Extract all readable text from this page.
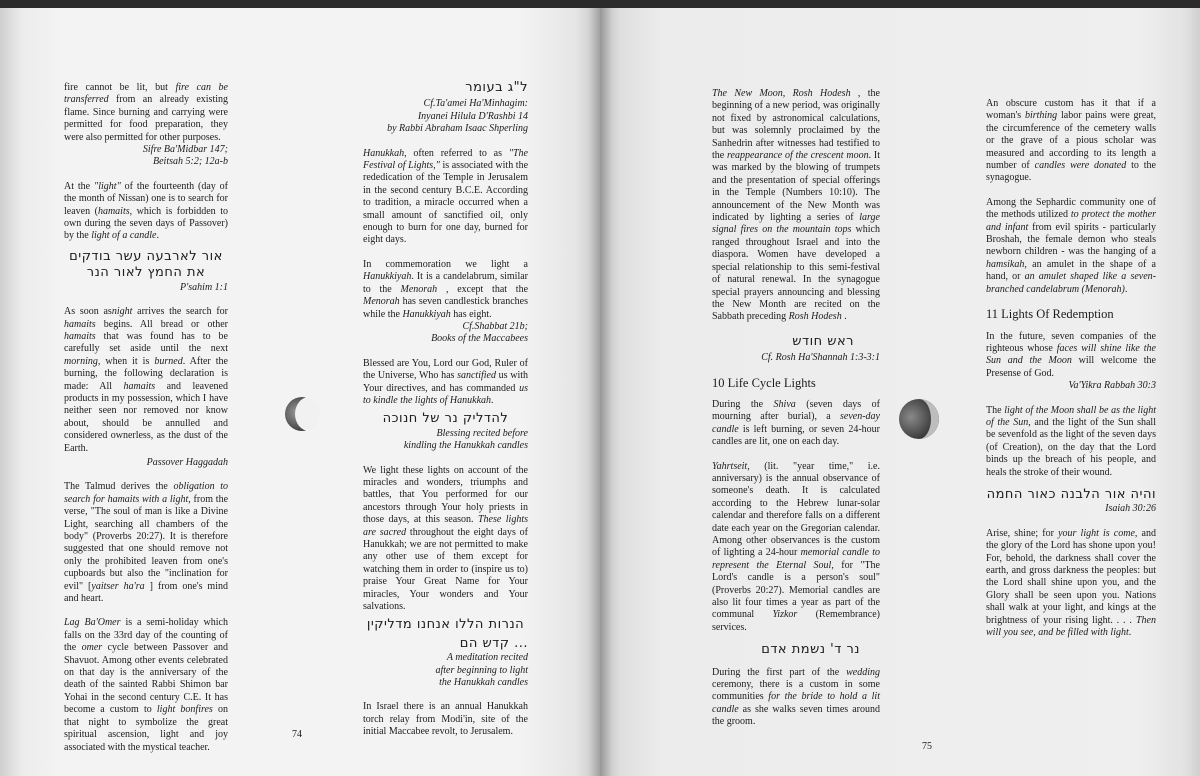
fire cannot be lit, but fire can be transferred from an already existing flame. Since burning and carrying were permitted for food preparation, they were also permitted for other purposes.

Sifre Ba'Midbar 147;
Beitsah 5:2; 12a-b

At the "light" of the fourteenth (day of the month of Nissan) one is to search for leaven (hamaits, which is forbidden to own during the seven days of Passover) by the light of a candle.

אור לארבעה עשר בודקים
את החמץ לאור הנר
P'sahim 1:1

As soon asnight arrives the search for hamaits begins. All bread or other hamaits that was found has to be carefully set aside until the next morning, when it is burned. After the burning, the following declaration is made: All hamaits and leavened products in my possession, which I have neither seen nor removed nor know about, should be annulled and considered ownerless, as the dust of the Earth.

Passover Haggadah

The Talmud derives the obligation to search for hamaits with a light, from the verse, "The soul of man is like a Divine Light, searching all chambers of the body" (Proverbs 20:27). It is therefore suggested that one should remove not only the prohibited leaven from one's cupboards but also the "inclination for evil" [yaitser ha'ra ] from one's mind and heart.

Lag Ba'Omer is a semi-holiday which falls on the 33rd day of the counting of the omer cycle between Passover and Shavuot. Among other events celebrated on that day is the anniversary of the death of the sainted Rabbi Shimon bar Yohai in the second century C.E. It has become a custom to light bonfires on that night to symbolize the great spiritual ascension, light and joy associated with the mystical teacher.

ל"ג בעומר
Cf.Ta'amei Ha'Minhagim:
Inyanei Hilula D'Rashbi 14
by Rabbi Abraham Isaac Shperling

Hanukkah, often referred to as "The Festival of Lights," is associated with the rededication of the Temple in Jerusalem in the second century B.C.E. According to tradition, a miracle occurred when a small amount of sanctified oil, only enough to burn for one day, burned for eight days.

In commemoration we light a Hanukkiyah. It is a candelabrum, similar to the Menorah , except that the Menorah has seven candlestick branches while the Hanukkiyah has eight.

Cf.Shabbat 21b;
Books of the Maccabees

Blessed are You, Lord our God, Ruler of the Universe, Who has sanctified us with Your directives, and has commanded us to kindle the lights of Hanukkah.

להדליק נר של חנוכה
Blessing recited before
kindling the Hanukkah candles

We light these lights on account of the miracles and wonders, triumphs and battles, that You performed for our ancestors through Your holy priests in those days, at this season. These lights are sacred throughout the eight days of Hanukkah; we are not permitted to make any other use of them except for watching them in order to (inspire us to) praise Your Great Name for Your miracles, Your wonders and Your salvations.

הנרות הללו אנחנו מדליקין
... קדש הם
A meditation recited
after beginning to light
the Hanukkah candles

In Israel there is an annual Hanukkah torch relay from Modi'in, site of the initial Maccabee revolt, to Jerusalem.

74

The New Moon, Rosh Hodesh , the beginning of a new period, was originally not fixed by astronomical calculations, but was solemnly proclaimed by the Sanhedrin after witnesses had testified to the reappearance of the crescent moon. It was marked by the blowing of trumpets and the presentation of special offerings in the Temple (Numbers 10:10). The announcement of the New Month was indicated by lighting a series of large signal fires on the mountain tops which ranged throughout Israel and into the diaspora. Women have developed a special relationship to this semi-festival of natural renewal. In the synagogue special prayers announcing and blessing the New Month are recited on the Sabbath preceding Rosh Hodesh .

ראש חודש
Cf. Rosh Ha'Shannah 1:3-3:1
10 Life Cycle Lights

During the Shiva (seven days of mourning after burial), a seven-day candle is left burning, or seven 24-hour candles are lit, one on each day.

Yahrtseit, (lit. "year time," i.e. anniversary) is the annual observance of someone's death. It is calculated according to the Hebrew lunar-solar calendar and therefore falls on a different date each year on the Gregorian calendar. Among other observances is the custom of lighting a 24-hour memorial candle to represent the Eternal Soul, for "The Lord's candle is a person's soul" (Proverbs 20:27). Memorial candles are also lit four times a year as part of the communal Yizkor (Remembrance) services.

נר ד' נשמת אדם

During the first part of the wedding ceremony, there is a custom in some communities for the bride to hold a lit candle as she walks seven times around the groom.

An obscure custom has it that if a woman's birthing labor pains were great, the circumference of the cemetery walls or the grave of a pious scholar was measured and according to its length a number of candles were donated to the synagogue.

Among the Sephardic community one of the methods utilized to protect the mother and infant from evil spirits - particularly Broshah, the female demon who steals newborn children - was the hanging of a hamsikah, an amulet in the shape of a hand, or an amulet shaped like a seven-branched candelabrum (Menorah).

11 Lights Of Redemption

In the future, seven companies of the righteous whose faces will shine like the Sun and the Moon will welcome the Presense of God.

Va'Yikra Rabbah 30:3

The light of the Moon shall be as the light of the Sun, and the light of the Sun shall be sevenfold as the light of the seven days (of Creation), on the day that the Lord binds up the breach of his people, and heals the stroke of their wound.

והיה אור הלבנה כאור החמה
Isaiah 30:26

Arise, shine; for your light is come, and the glory of the Lord has shone upon you! For, behold, the darkness shall cover the earth, and gross darkness the peoples: but the Lord shall shine upon you, and the Glory shall be seen upon you. Nations shall walk at your light, and kings at the brightness of your rising light. . . . Then will you see, and be filled with light.

75
